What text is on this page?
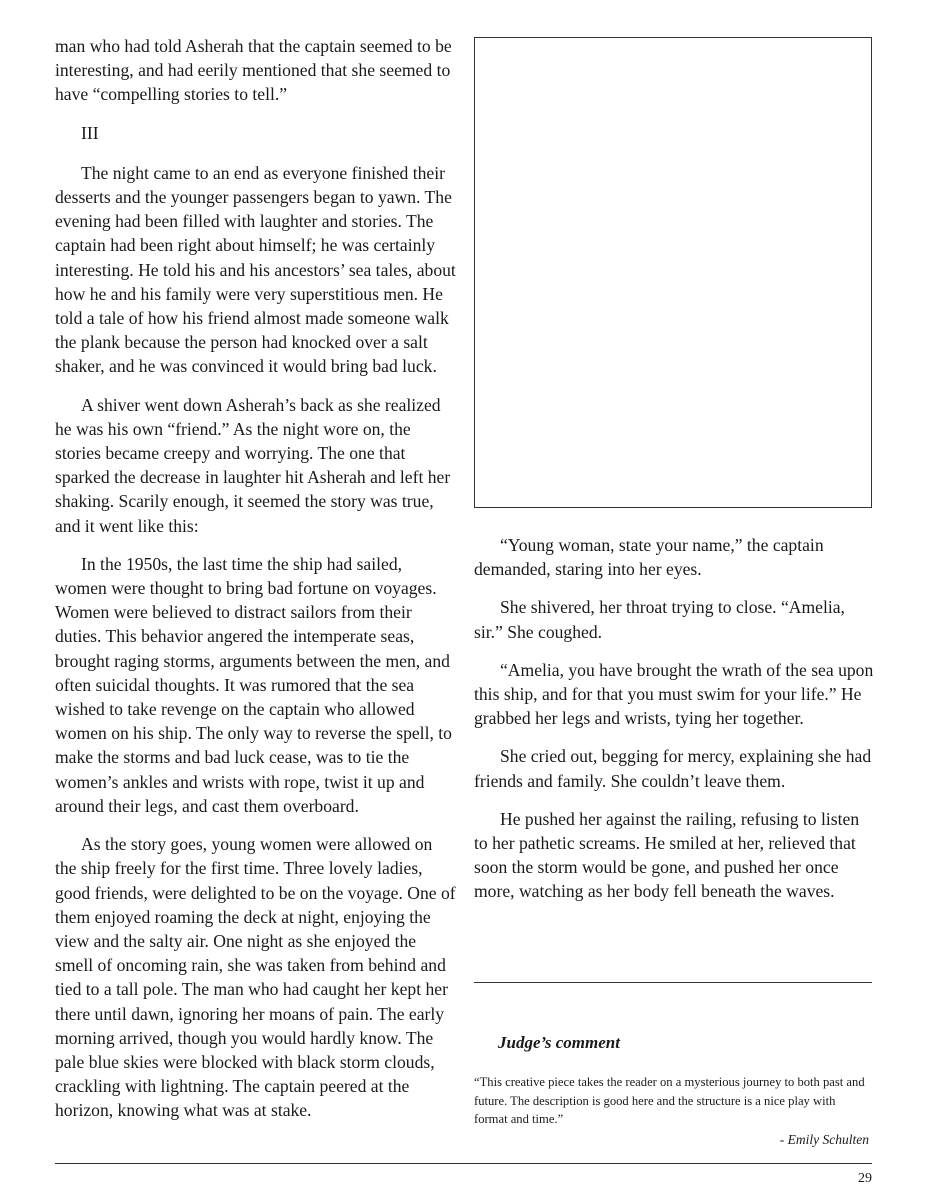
man who had told Asherah that the captain seemed to be interesting, and had eerily mentioned that she seemed to have “compelling stories to tell.”

III

The night came to an end as everyone finished their desserts and the younger passengers began to yawn. The evening had been filled with laughter and stories. The captain had been right about himself; he was certainly interesting. He told his and his ancestors’ sea tales, about how he and his family were very superstitious men. He told a tale of how his friend almost made someone walk the plank because the person had knocked over a salt shaker, and he was convinced it would bring bad luck.

A shiver went down Asherah’s back as she realized he was his own “friend.” As the night wore on, the stories became creepy and worrying. The one that sparked the decrease in laughter hit Asherah and left her shaking. Scarily enough, it seemed the story was true, and it went like this:

In the 1950s, the last time the ship had sailed, women were thought to bring bad fortune on voyages. Women were believed to distract sailors from their duties. This behavior angered the intemperate seas, brought raging storms, arguments between the men, and often suicidal thoughts. It was rumored that the sea wished to take revenge on the captain who allowed women on his ship. The only way to reverse the spell, to make the storms and bad luck cease, was to tie the women’s ankles and wrists with rope, twist it up and around their legs, and cast them overboard.

As the story goes, young women were allowed on the ship freely for the first time. Three lovely ladies, good friends, were delighted to be on the voyage. One of them enjoyed roaming the deck at night, enjoying the view and the salty air. One night as she enjoyed the smell of oncoming rain, she was taken from behind and tied to a tall pole. The man who had caught her kept her there until dawn, ignoring her moans of pain. The early morning arrived, though you would hardly know. The pale blue skies were blocked with black storm clouds, crackling with lightning. The captain peered at the horizon, knowing what was at stake.

“Young woman, state your name,” the captain demanded, staring into her eyes.

She shivered, her throat trying to close. “Amelia, sir.” She coughed.

“Amelia, you have brought the wrath of the sea upon this ship, and for that you must swim for your life.” He grabbed her legs and wrists, tying her together.

She cried out, begging for mercy, explaining she had friends and family. She couldn’t leave them.

He pushed her against the railing, refusing to listen to her pathetic screams. He smiled at her, relieved that soon the storm would be gone, and pushed her once more, watching as her body fell beneath the waves.

Judge’s comment
“This creative piece takes the reader on a mysterious journey to both past and future. The description is good here and the structure is a nice play with format and time.”
- Emily Schulten
29
